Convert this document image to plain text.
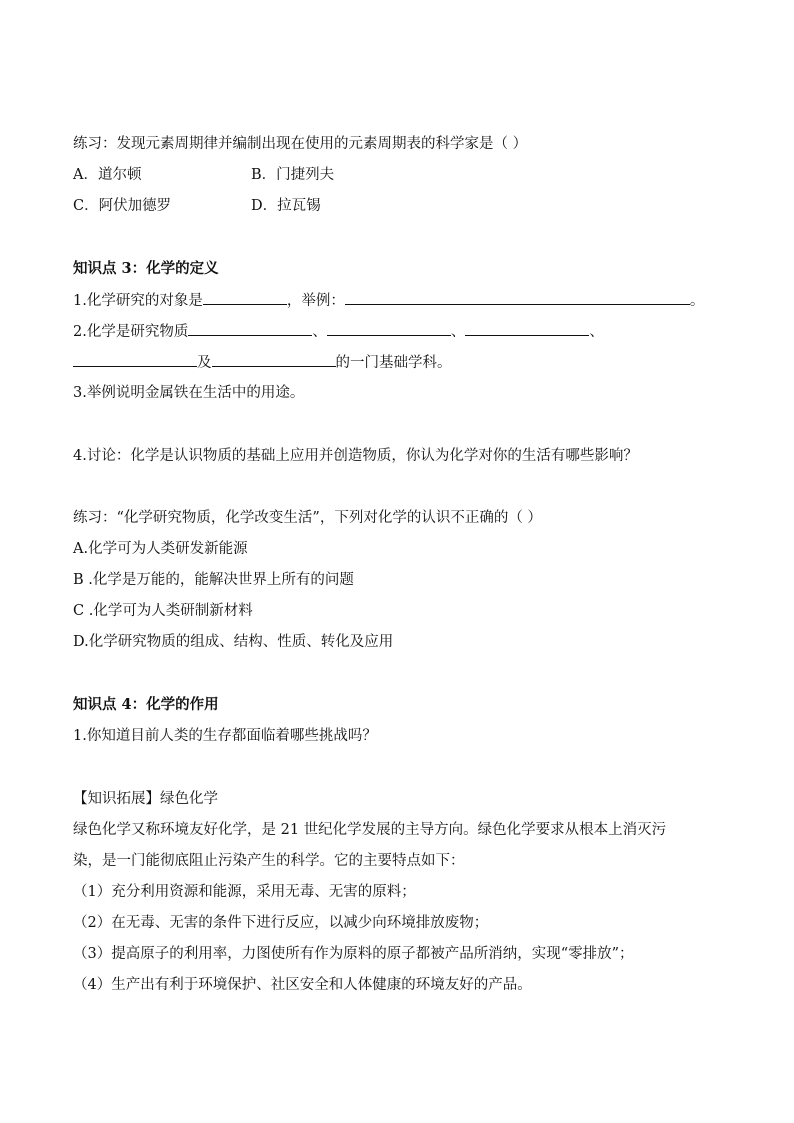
练习：发现元素周期律并编制出现在使用的元素周期表的科学家是（ ）
A．道尔顿	B．门捷列夫
C．阿伏加德罗	D．拉瓦锡
知识点 3：化学的定义
1.化学研究的对象是	，举例：	。
2.化学是研究物质	、	、	、
及	的一门基础学科。
3.举例说明金属铁在生活中的用途。
4.讨论：化学是认识物质的基础上应用并创造物质，你认为化学对你的生活有哪些影响？
练习：“化学研究物质，化学改变生活”，下列对化学的认识不正确的（ ）
A.化学可为人类研发新能源
B .化学是万能的，能解决世界上所有的问题
C .化学可为人类研制新材料
D.化学研究物质的组成、结构、性质、转化及应用
知识点 4：化学的作用
1.你知道目前人类的生存都面临着哪些挑战吗？
【知识拓展】绿色化学
绿色化学又称环境友好化学，是 21 世纪化学发展的主导方向。绿色化学要求从根本上消灭污
染，是一门能彻底阻止污染产生的科学。它的主要特点如下：
（1）充分利用资源和能源，采用无毒、无害的原料；
（2）在无毒、无害的条件下进行反应，以减少向环境排放废物；
（3）提高原子的利用率，力图使所有作为原料的原子都被产品所消纳，实现“零排放”；
（4）生产出有利于环境保护、社区安全和人体健康的环境友好的产品。
